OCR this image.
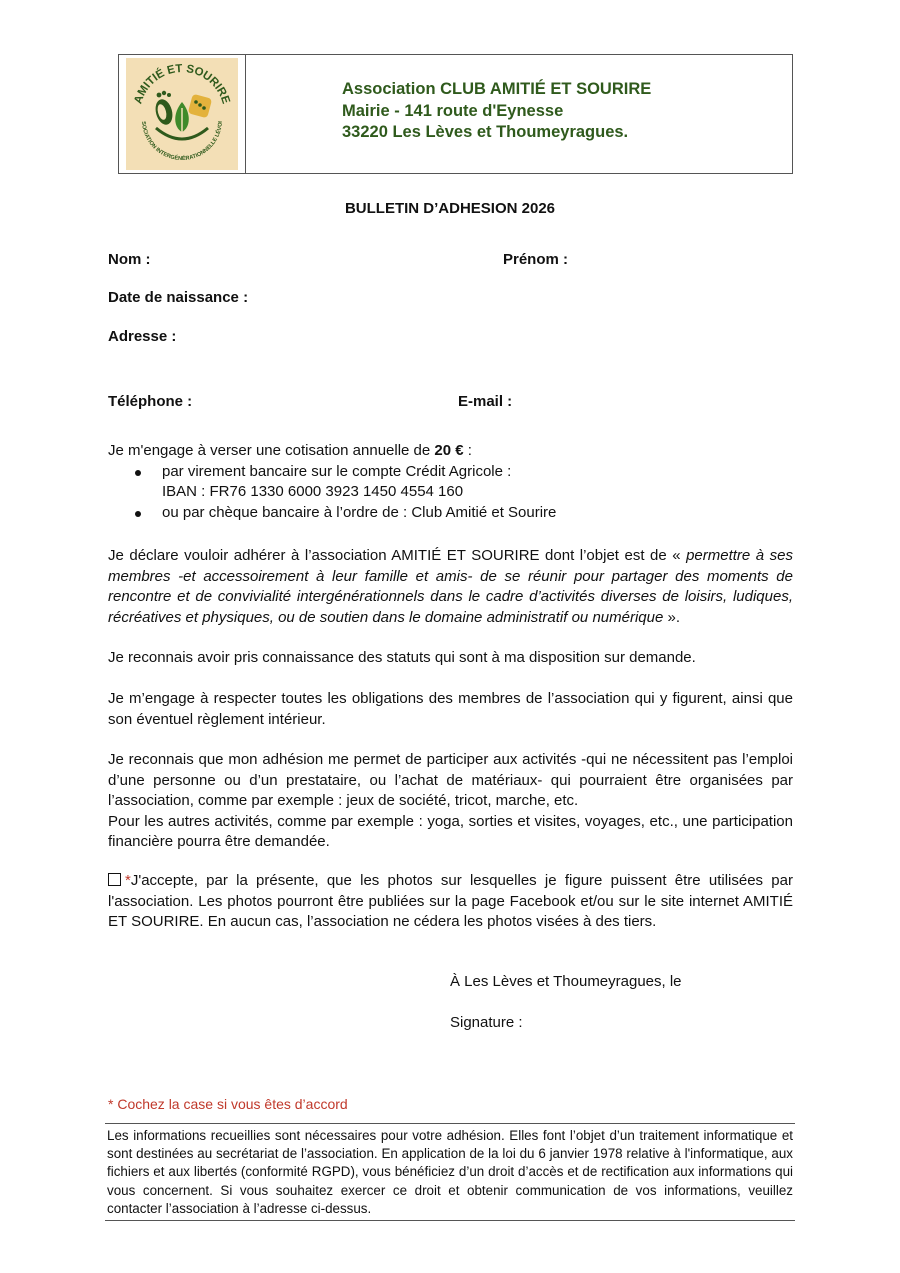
AMITIÉ ET SOURIRE
SOCIATION INTERGÉNÉRATIONNELLE LÉVOI
Association CLUB AMITIÉ ET SOURIRE
Mairie - 141 route d'Eynesse
33220 Les Lèves et Thoumeyragues.
BULLETIN D’ADHESION 2026
Nom :	Prénom :
Date de naissance :
Adresse :
Téléphone :	E-mail :
Je m'engage à verser une cotisation annuelle de 20 € :
par virement bancaire sur le compte Crédit Agricole :
IBAN : FR76 1330 6000 3923 1450 4554 160
ou par chèque bancaire à l’ordre de : Club Amitié et Sourire
Je déclare vouloir adhérer à l’association AMITIÉ ET SOURIRE dont l’objet est de « permettre à ses membres -et accessoirement à leur famille et amis- de se réunir pour partager des moments de rencontre et de convivialité intergénérationnels dans le cadre d’activités diverses de loisirs, ludiques, récréatives et physiques, ou de soutien dans le domaine administratif ou numérique ».
Je reconnais avoir pris connaissance des statuts qui sont à ma disposition sur demande.
Je m’engage à respecter toutes les obligations des membres de l’association qui y figurent, ainsi que son éventuel règlement intérieur.
Je reconnais que mon adhésion me permet de participer aux activités -qui ne nécessitent pas l’emploi d’une personne ou d’un prestataire, ou l’achat de matériaux- qui pourraient être organisées par l’association, comme par exemple : jeux de société, tricot, marche, etc.
Pour les autres activités, comme par exemple : yoga, sorties et visites, voyages, etc., une participation financière pourra être demandée.
*J'accepte, par la présente, que les photos sur lesquelles je figure puissent être utilisées par l'association. Les photos pourront être publiées sur la page Facebook et/ou sur le site internet AMITIÉ ET SOURIRE. En aucun cas, l’association ne cédera les photos visées à des tiers.
À Les Lèves et Thoumeyragues, le
Signature :
* Cochez la case si vous êtes d’accord
Les informations recueillies sont nécessaires pour votre adhésion. Elles font l’objet d’un traitement informatique et sont destinées au secrétariat de l’association. En application de la loi du 6 janvier 1978 relative à l'informatique, aux fichiers et aux libertés (conformité RGPD), vous bénéficiez d’un droit d’accès et de rectification aux informations qui vous concernent. Si vous souhaitez exercer ce droit et obtenir communication de vos informations, veuillez contacter l’association à l’adresse ci-dessus.
